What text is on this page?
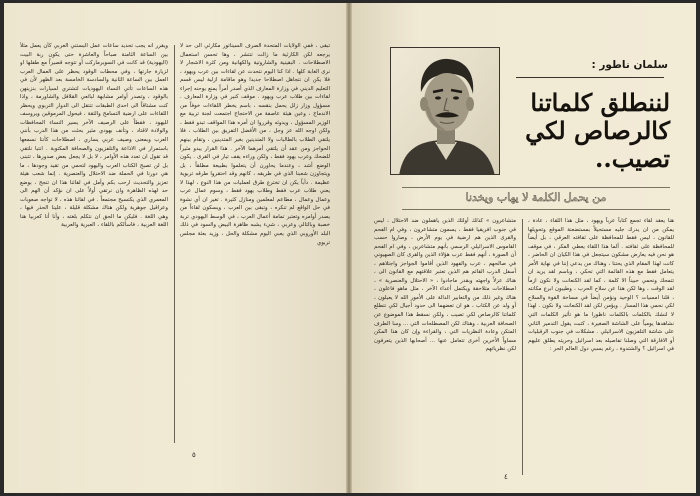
تبقى ، ففي الولايات المتحدة الصرف السيناتور مكارثي الى حد لا يرجعه لكن الكارثية ما زالت تنتشر ، وها تحسن استعمال الاصطلاحات . البقينية والشاروتية والكهانية ومن كثرة الاشجار لا نرى الغابة كلها . اذا كنا اليوم نتحدث عن لقاءات بين عرب ويهود ، فلا يكن ان نتجاهل اصطلاحا جديدا وهو ماقامة ازلية ليس قسم التعليم الديني في وزارة المعارف الذي أصدر أمراً يمنع يوحنه إجراء لقاءات بين طلاب عرب ويهود . موقف كنير في وزارة المعارف . مسؤول وزار زلل يحمل بنقسه ، باسم يخطر اللقاءات خوفاً من الاندماج ، وعين هيئة عاصفة من الاحتجاج اجتمعت لجنة تربية مع الوزير المسؤول ، ويدوثه وقرروا ان أمره هذا المواقف تبدو فقط ، ولكن اوجه الله عز وجل ، من الأفضل التفريق بين الطلاب ، فلا يلتقي الطلاب بالطالبات ولا المتدينين بغير المتدينين ، وتقام بينهم الحواجز ومن عقد أن يلتقي أمرهما الآخر . هذا القرار يبدو مثيراً للضحك وعرب يهود فقط ، ولكن وراءه يقف تيار في القرى . يكون الوضع أشد ، وعندما يحاورن أن يتعلموا بطبيعة مطلقاً ، بل ويتجاوزن شعبنا الذي في طريقه ، كانهم وقد احتقروا طرقه تربوية عظيمة . دأباً يكن ان تخترع طرق لعمليات من هذا النوع ، لهذا لا يعني طلاب عرب فقط وطلاب يهود فقط ، وسوم عمال عرب وعمال وعمال ، مطاعم لمعلمين ومنازل كثيرة . تغير ان أي نشوة في حل الواقع لم تنكره ، وتبقى بين العرب ، ويسكون لقاءاً من يصدر أوامره وتعتبر تمامة أعمال العرب ، في الوسط اليهودي تربة خصبة وبالتالي وعربي ، شيء يشبه ظاهرة البيض والسود في ذلك البلد الأوروبي الذي يعبي اليوم مشكلة والحل ، وزيد بعثة مجلس تربوي
ويقرر انه يجب تحديد ساعات عمل البستني العربي كأن يعمل مثلاً بين الساعة الثامنة صباحاً والعاشرة حتى يكون ربة البيت (اليهودية) قد كانت في السوبرماركت أو تتوجه قصيراً مع طفلها او لزيارة جارتها ، وفي محطات الوقود يحظر على العمال العرب العمل بين الساعة الثانية والسادسة الخامسة بعد الظهر لأن في هذه الساعات تأتي النساء اليهوديات لتشتري لسيارات بنزينهن بالوقود ، وتصدر أوامر مشابهة لبائعي القلافل والشاورمة ، واذا كنت مشتاقاً الى احدى الطبقات تنتقل الى الدوار التربوي ويحظر اللقاءات على ارضية التسامح والثقة ، فيحول المرموقين ويروسف لليهود ، فقطاً على الرصيف الآخر يسير النساء المحافظات والولادة لاقتاد ، وتأنف بهودي مثير بحثت من هذا الدرب بأنني العرب وبمعنى وصيف عربي يساري ، اصطلاحات كأننا نسمعها باستمرار في الاذاعة والتلفزيون والصحافة المكتوبة . انتبا نلتقي قد تقول ان تعدد هذه الأوامر ، لا بل لا يجعل بعض صدورها ، تتبنى بل لن تصبح الكتاب العرب واليهود لتحمي من تقيد وجودها ، ما هي دورنا في الحملة ضد الاحتلال والعنصرية . إنما شعب هيئة تعزيز والتحديث ارحب بكم وأمل في لقائنا هذا ان تنجح ، بوضع حد لهذه الظاهرة وان نرتقي أولاً على ان نؤكد أن الهم الى المعمري الذي يكتسبح مجتمعاً . في لقائنا هذه ، لا تواجه صعوبات وعراقيل جوهرية ولكن هناك مشكلة قليلة ، علينا الحذر فيها ، وهي اللغة . فليكن ما الحق ان نتكلم بلغته ، وأنا أنا كعربيا هنا اللغة العربية ، فاسألكم باللقاء ، العبرية والعربية
٥
سلمان ناطور :
لننطلق كلماتنا كالرصاص لكي تصيب..
من يحمل الكلمة لا يهاب ويخدنا
هنا يعقد لقاء تجمع كتاباً عرباً ويهود ، مثل هذا اللقاء ، عادة ، يمكن من ان يدرك جليه مستحيلاً بمستضعنة الموقع وتحويلها للقانون ، ليس فقط للمحافظة على ثقافته العرقي ، بل أيضاً للمحافظة على ثقافته . ألما هذا اللقاء يعطي الفكر ، في موقف هو نحن فيه يعارض مشكون سيتجعل في هذا الكيان ان الحاضر ، كانت لهذا المقام الذي يحتنا ، وهناك من يدعي إننا في نهاية الأمر يتعامل فقط مع هذه القائمة التي تحكي ، وباسم لقد يريد ان تتمحك ونحمي حبيناً الا كلمة ، كما لقد الكنعانت ولا نكون ازماً لقد الوقت ، وها لكن هذا عن سلاح الحرب ، وطيبون ابرع مكانته ، قلنا امسيات ؟ الوحيد ونؤمن أيضاً في مساحة القوة والسلاح لكي نحمي هذا المسار . ويؤمن لكن لقد الكنعانت ولا نكون . لهذا لا لنشك بالكلمات بالكلمات ناظورا ما هو تأثير الكلمات التي نشاهدها يومياً على الشاشة الصغيرة ، كتبت يقول التدمير الثاني على شاشة التلفزيون الاسرائيلي . مشكلات في جنوب الرقبليات أو الافارقة التي وصلنا تفاصيله بعد اسرائيل وحريته يطلق عليهم في اسرائيل ؟ والشتدوة ، رغم يسبي دول العالم الحر :
متشاعرون » كذلك أولئك الذين ياهملون ضد الاحتلال ، ليس في جنوب افريقيا فقط ، يسمون متشاعرون ، وفي ام الفحم والقرى الذين هم ارضية في يوم الأرض ، وصاروا حسب القاموس الاسرائيلي الرسمي بأنهم متشاعرين ، وفي ام الفحم أن الصورة ، أنهم فقط عرب هؤلاء الذين والقرى كان الصهيوني في صالحهم ، عرب والفهود الذين أقاموا الجواجز واجتلاهم ، أسفل الدرب القائم هم الذين تعتبر علاقتهم مع القانون الى ، هناك عزلاً واجهته وبقدر ماجادوا ، « الاحتلال والعنصرية » ، اصطلاحات متلاحقة ويكتمل أعداء الآخر ، مثل ماهو فاعلون ، هناك وغير ذلك من والتعابير الدالة على الأمور الله لا يعيلون ، أو ولد عن الكتاب ، هو ان تعضهما الى حدود أجيال لكي نتطلع كلماتنا كالرصاص لكي تصيب ، ولكن نسقط هذا الموضوع عن الصحافة العربية ، وهناك لكن المصطلحات التي ... وسا الطرف المتكن وعادة النظريات التي ، والقراءة وإن كان هذا المكن مساواً الأخرين أخرى تتعامل عنها ... أصحابها الذين يتعرفون لكن نظرياتهم
٤
